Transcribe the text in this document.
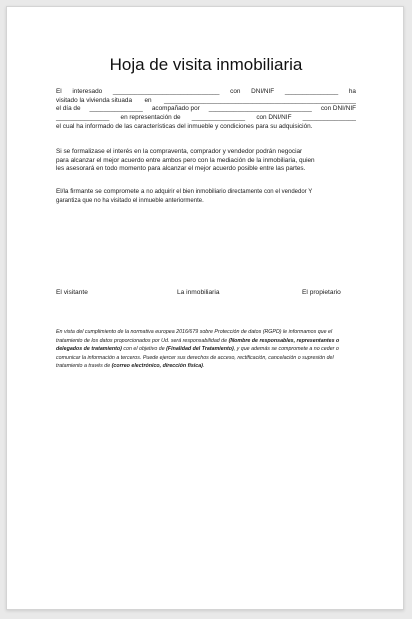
Hoja de visita inmobiliaria
El interesado ______________________________ con DNI/NIF _______________ ha
visitado la vivienda situada en ______________________________________________________
el día de _______________ acompañado por _____________________________ con DNI/NIF
_______________ en representación de _______________ con DNI/NIF _______________
el cual ha informado de las características del inmueble y condiciones para su adquisición.
Si se formalizase el interés en la compraventa, comprador y vendedor podrán negociar
para alcanzar el mejor acuerdo entre ambos pero con la mediación de la inmobiliaria, quien
les asesorará en todo momento para alcanzar el mejor acuerdo posible entre las partes.
El/la firmante se compromete a no adquirir el bien inmobiliario directamente con el vendedor Y
garantiza que no ha visitado el inmueble anteriormente.
El visitante	La inmobiliaria	El propietario
En vista del cumplimiento de la normativa europea 2016/679 sobre Protección de datos (RGPD) le informamos que el tratamiento de los datos proporcionados por Ud. será responsabilidad de (Nombre de responsables, representantes o delegados de tratamiento) con el objetivo de (Finalidad del Tratamiento), y que además se compromete a no ceder o comunicar la información a terceros. Puede ejercer sus derechos de acceso, rectificación, cancelación o supresión del tratamiento a través de (correo electrónico, dirección física).
